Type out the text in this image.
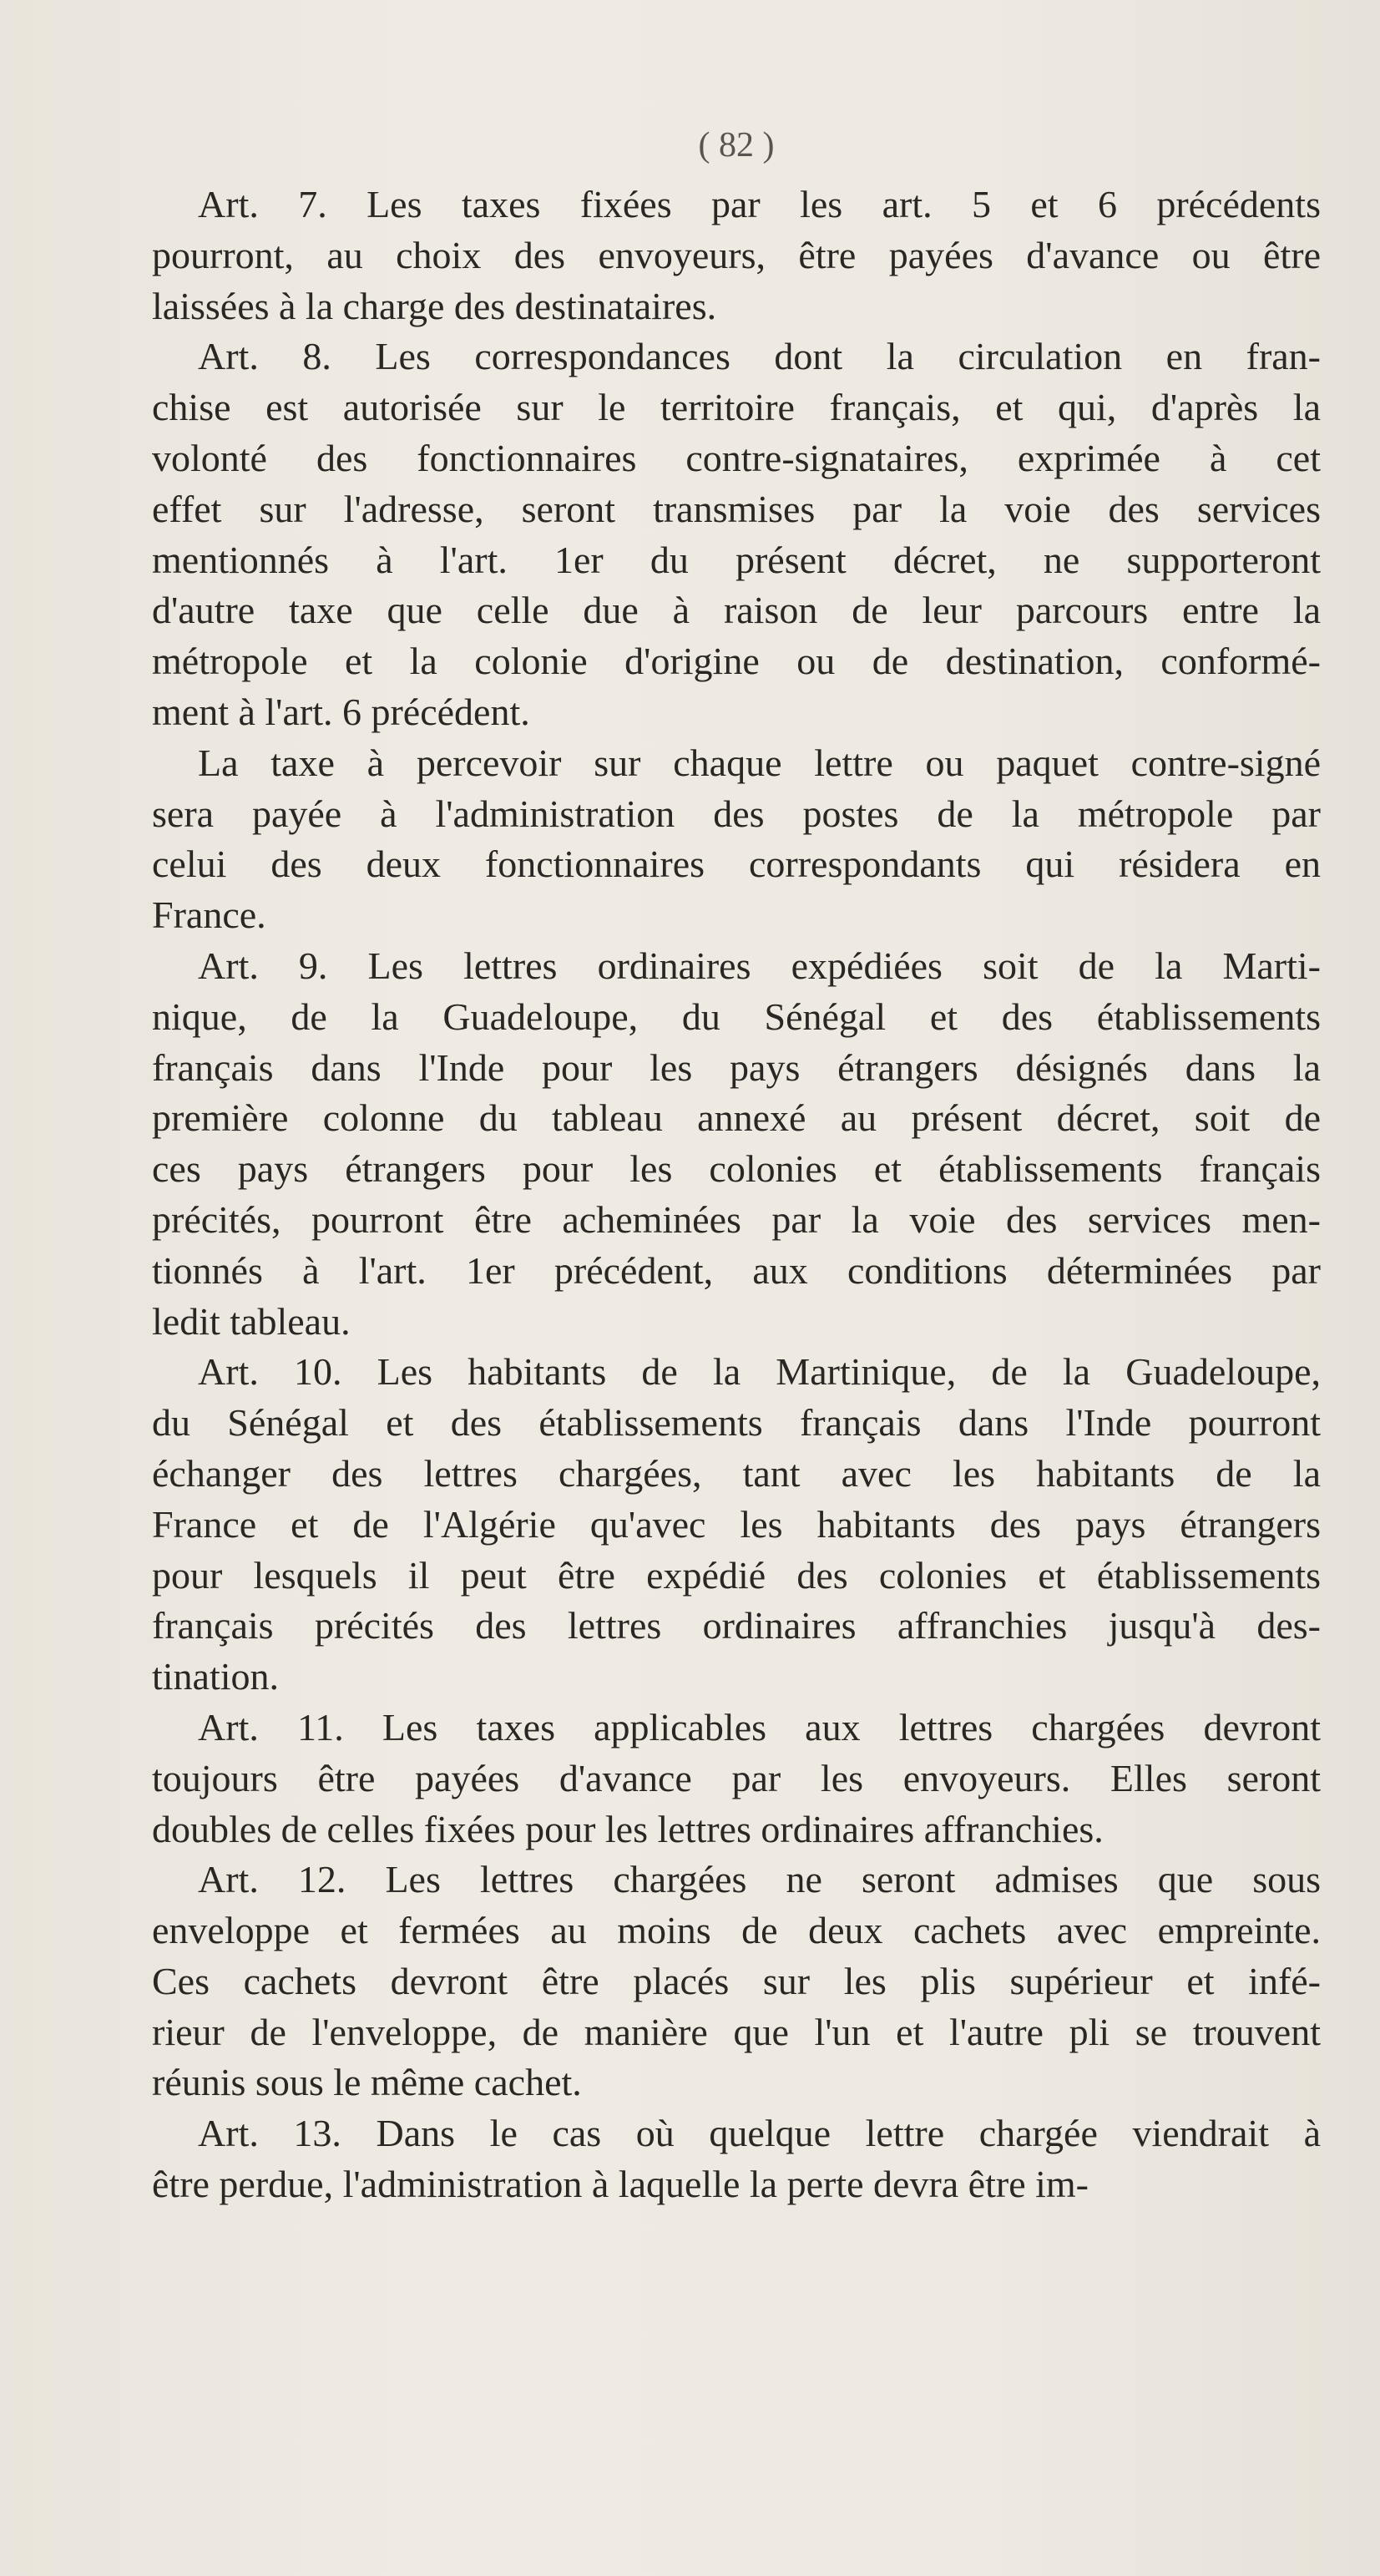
( 82 )
Art. 7. Les taxes fixées par les art. 5 et 6 précédents
pourront, au choix des envoyeurs, être payées d'avance ou être
laissées à la charge des destinataires.
Art. 8. Les correspondances dont la circulation en fran-
chise est autorisée sur le territoire français, et qui, d'après la
volonté des fonctionnaires contre-signataires, exprimée à cet
effet sur l'adresse, seront transmises par la voie des services
mentionnés à l'art. 1er du présent décret, ne supporteront
d'autre taxe que celle due à raison de leur parcours entre la
métropole et la colonie d'origine ou de destination, conformé-
ment à l'art. 6 précédent.
La taxe à percevoir sur chaque lettre ou paquet contre-signé
sera payée à l'administration des postes de la métropole par
celui des deux fonctionnaires correspondants qui résidera en
France.
Art. 9. Les lettres ordinaires expédiées soit de la Marti-
nique, de la Guadeloupe, du Sénégal et des établissements
français dans l'Inde pour les pays étrangers désignés dans la
première colonne du tableau annexé au présent décret, soit de
ces pays étrangers pour les colonies et établissements français
précités, pourront être acheminées par la voie des services men-
tionnés à l'art. 1er précédent, aux conditions déterminées par
ledit tableau.
Art. 10. Les habitants de la Martinique, de la Guadeloupe,
du Sénégal et des établissements français dans l'Inde pourront
échanger des lettres chargées, tant avec les habitants de la
France et de l'Algérie qu'avec les habitants des pays étrangers
pour lesquels il peut être expédié des colonies et établissements
français précités des lettres ordinaires affranchies jusqu'à des-
tination.
Art. 11. Les taxes applicables aux lettres chargées devront
toujours être payées d'avance par les envoyeurs. Elles seront
doubles de celles fixées pour les lettres ordinaires affranchies.
Art. 12. Les lettres chargées ne seront admises que sous
enveloppe et fermées au moins de deux cachets avec empreinte.
Ces cachets devront être placés sur les plis supérieur et infé-
rieur de l'enveloppe, de manière que l'un et l'autre pli se trouvent
réunis sous le même cachet.
Art. 13. Dans le cas où quelque lettre chargée viendrait à
être perdue, l'administration à laquelle la perte devra être im-
